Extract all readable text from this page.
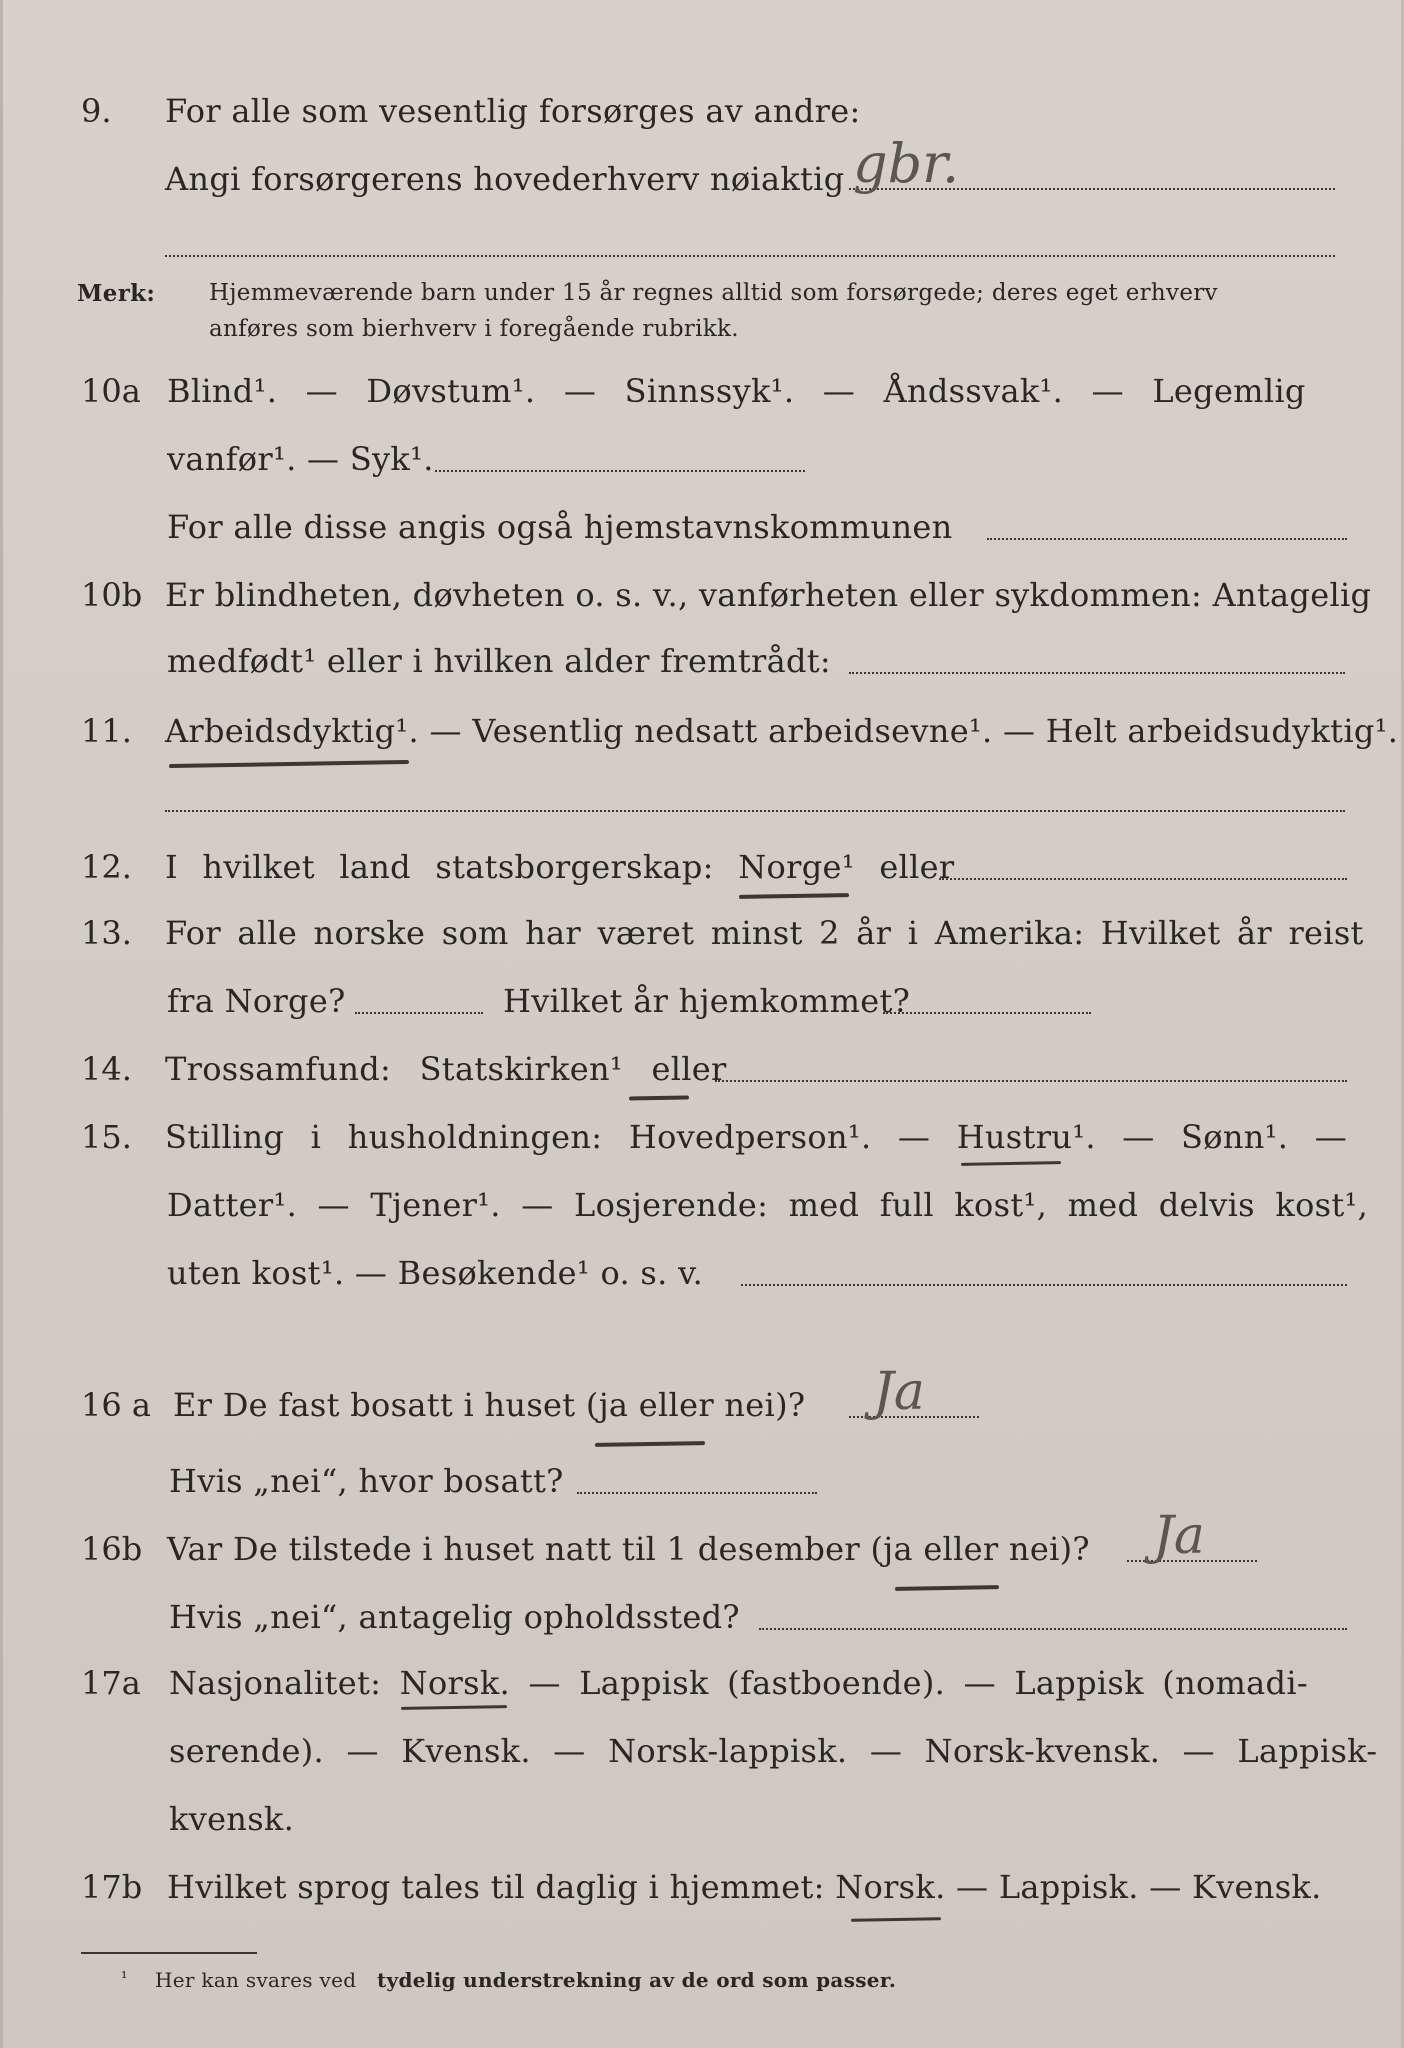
9. For alle som vesentlig forsørges av andre:
Angi forsørgerens hovederhverv nøiaktig gbr.
Merk: Hjemmeværende barn under 15 år regnes alltid som forsørgede; deres eget erhverv
anføres som bierhverv i foregående rubrikk.
10a Blind¹. — Døvstum¹. — Sinnssyk¹. — Åndssvak¹. — Legemlig
vanfør¹. — Syk¹.
For alle disse angis også hjemstavnskommunen
10b Er blindheten, døvheten o. s. v., vanførheten eller sykdommen: Antagelig
medfødt¹ eller i hvilken alder fremtrådt:
11. Arbeidsdyktig¹. — Vesentlig nedsatt arbeidsevne¹. — Helt arbeidsudyktig¹.
12. I hvilket land statsborgerskap: Norge¹ eller
13. For alle norske som har været minst 2 år i Amerika: Hvilket år reist
fra Norge?	Hvilket år hjemkommet?
14. Trossamfund: Statskirken¹ eller
15. Stilling i husholdningen: Hovedperson¹. — Hustru¹. — Sønn¹. —
Datter¹. — Tjener¹. — Losjerende: med full kost¹, med delvis kost¹,
uten kost¹. — Besøkende¹ o. s. v.
16 a Er De fast bosatt i huset (ja eller nei)? Ja
Hvis „nei“, hvor bosatt?
16b Var De tilstede i huset natt til 1 desember (ja eller nei)? Ja
Hvis „nei“, antagelig opholdssted?
17a Nasjonalitet: Norsk. — Lappisk (fastboende). — Lappisk (nomadi-
serende). — Kvensk. — Norsk-lappisk. — Norsk-kvensk. — Lappisk-
kvensk.
17b Hvilket sprog tales til daglig i hjemmet: Norsk. — Lappisk. — Kvensk.
¹ Her kan svares ved tydelig understrekning av de ord som passer.
